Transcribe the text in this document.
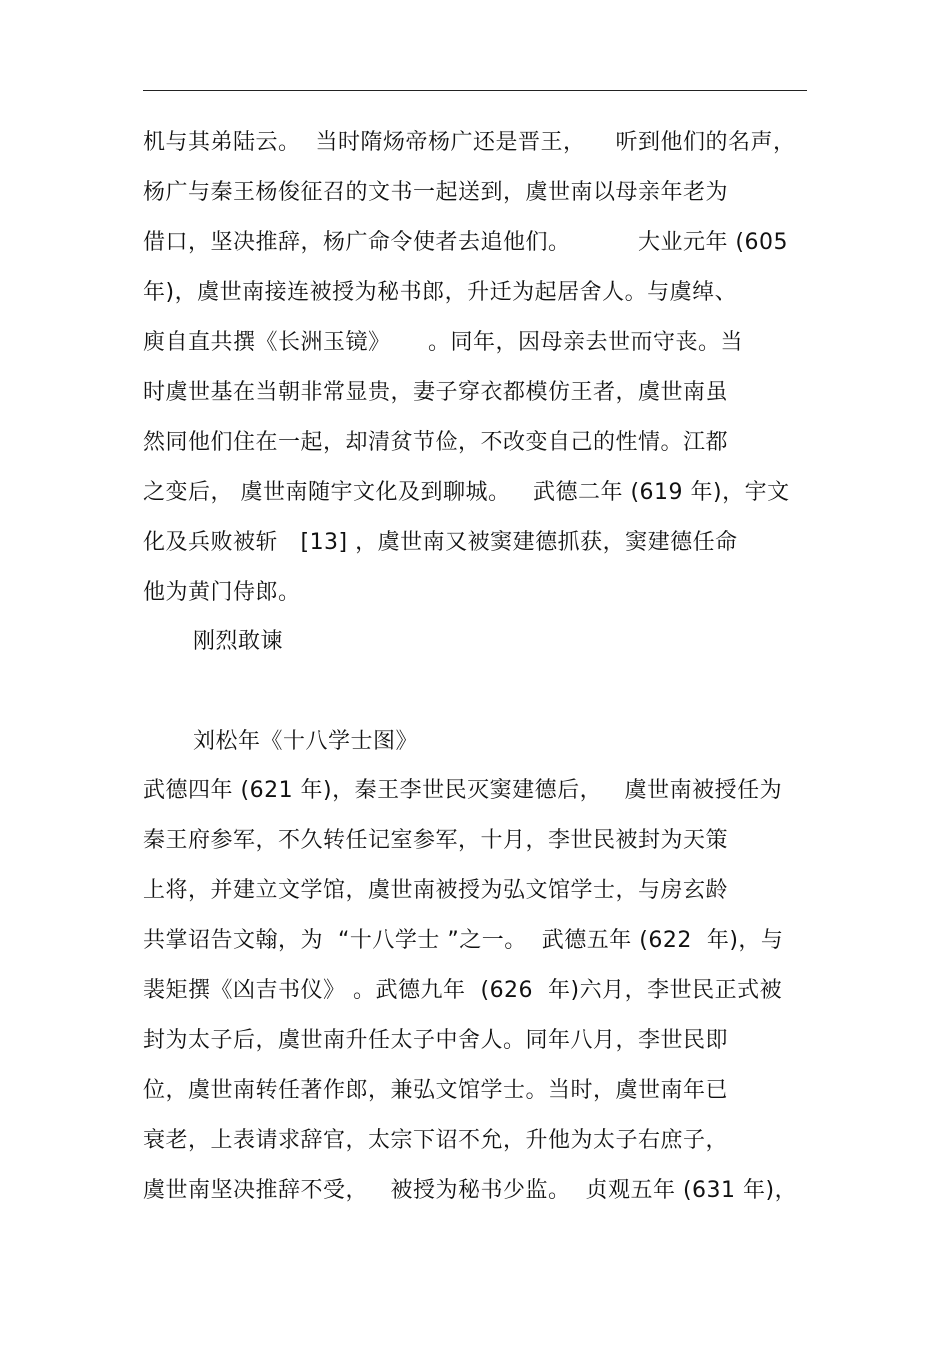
机与其弟陆云。  当时隋炀帝杨广还是晋王，    听到他们的名声，
杨广与秦王杨俊征召的文书一起送到，虞世南以母亲年老为
借口，坚决推辞，杨广命令使者去追他们。         大业元年 (605
年)，虞世南接连被授为秘书郎，升迁为起居舍人。与虞绰、
庾自直共撰《长洲玉镜》     。同年，因母亲去世而守丧。当
时虞世基在当朝非常显贵，妻子穿衣都模仿王者，虞世南虽
然同他们住在一起，却清贫节俭，不改变自己的性情。江都
之变后， 虞世南随宇文化及到聊城。   武德二年 (619 年)，宇文
化及兵败被斩   [13] ，虞世南又被窦建德抓获，窦建德任命
他为黄门侍郎。
刚烈敢谏
刘松年《十八学士图》
武德四年 (621 年)，秦王李世民灭窦建德后，   虞世南被授任为
秦王府参军，不久转任记室参军，十月，李世民被封为天策
上将，并建立文学馆，虞世南被授为弘文馆学士，与房玄龄
共掌诏告文翰，为  “十八学士 ”之一。  武德五年 (622  年)，与
裴矩撰《凶吉书仪》 。武德九年  (626  年)六月，李世民正式被
封为太子后，虞世南升任太子中舍人。同年八月，李世民即
位，虞世南转任著作郎，兼弘文馆学士。当时，虞世南年已
衰老，上表请求辞官，太宗下诏不允，升他为太子右庶子，
虞世南坚决推辞不受，   被授为秘书少监。  贞观五年 (631 年)，
